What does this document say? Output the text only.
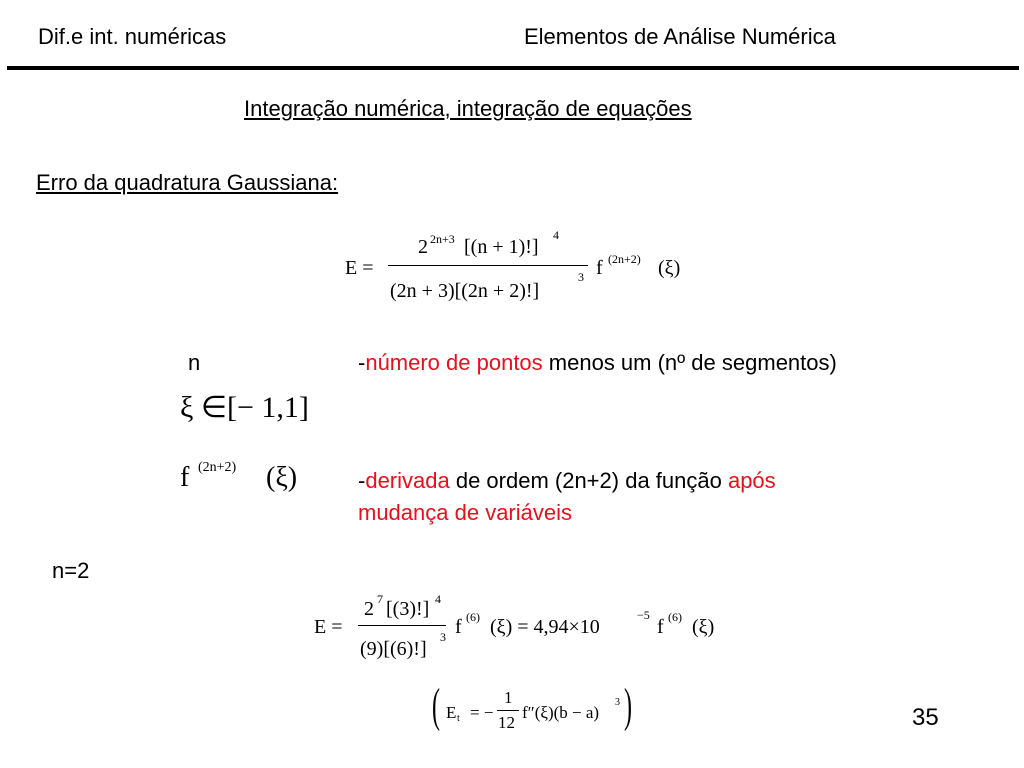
Dif.e int. numéricas	Elementos de Análise Numérica
Integração numérica, integração de equações
Erro da quadratura Gaussiana:
E =
2 2n+3 [(n + 1)!]
4
(2n + 3)[(2n + 2)!]
3 f (2n+2) (ξ)
n	-número de pontos menos um (nº de segmentos)
ξ ∈[− 1,1]
f (2n+2) (ξ)	-derivada de ordem (2n+2) da função após
mudança de variáveis
n=2
E =
2 7 [(3)!] 4
(9)[(6)!]
3 f (6) (ξ) = 4,94×10
−5
f (6) (ξ)
( E t = −
1
12
f″(ξ)(b − a)
3 )	35
